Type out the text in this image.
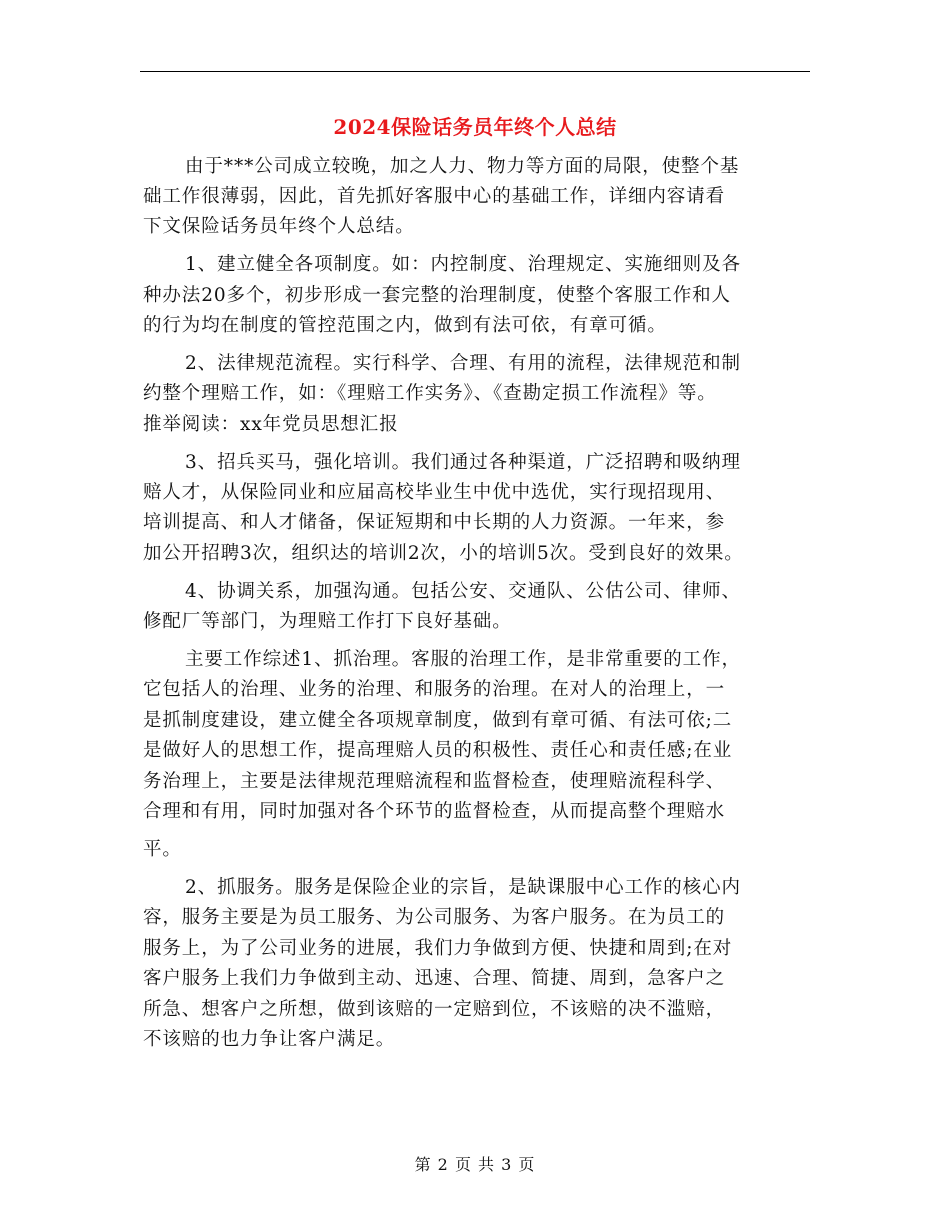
2024保险话务员年终个人总结
由于***公司成立较晚，加之人力、物力等方面的局限，使整个基
础工作很薄弱，因此，首先抓好客服中心的基础工作，详细内容请看
下文保险话务员年终个人总结。
1、建立健全各项制度。如：内控制度、治理规定、实施细则及各
种办法20多个，初步形成一套完整的治理制度，使整个客服工作和人
的行为均在制度的管控范围之内，做到有法可依，有章可循。
2、法律规范流程。实行科学、合理、有用的流程，法律规范和制
约整个理赔工作，如：《理赔工作实务》、《查勘定损工作流程》等。
推举阅读：xx年党员思想汇报
3、招兵买马，强化培训。我们通过各种渠道，广泛招聘和吸纳理
赔人才，从保险同业和应届高校毕业生中优中选优，实行现招现用、
培训提高、和人才储备，保证短期和中长期的人力资源。一年来，参
加公开招聘3次，组织达的培训2次，小的培训5次。受到良好的效果。
4、协调关系，加强沟通。包括公安、交通队、公估公司、律师、
修配厂等部门，为理赔工作打下良好基础。
主要工作综述1、抓治理。客服的治理工作，是非常重要的工作，
它包括人的治理、业务的治理、和服务的治理。在对人的治理上，一
是抓制度建设，建立健全各项规章制度，做到有章可循、有法可依;二
是做好人的思想工作，提高理赔人员的积极性、责任心和责任感;在业
务治理上，主要是法律规范理赔流程和监督检查，使理赔流程科学、
合理和有用，同时加强对各个环节的监督检查，从而提高整个理赔水
平。
2、抓服务。服务是保险企业的宗旨，是缺课服中心工作的核心内
容，服务主要是为员工服务、为公司服务、为客户服务。在为员工的
服务上，为了公司业务的进展，我们力争做到方便、快捷和周到;在对
客户服务上我们力争做到主动、迅速、合理、简捷、周到，急客户之
所急、想客户之所想，做到该赔的一定赔到位，不该赔的决不滥赔，
不该赔的也力争让客户满足。
第 2 页 共 3 页
